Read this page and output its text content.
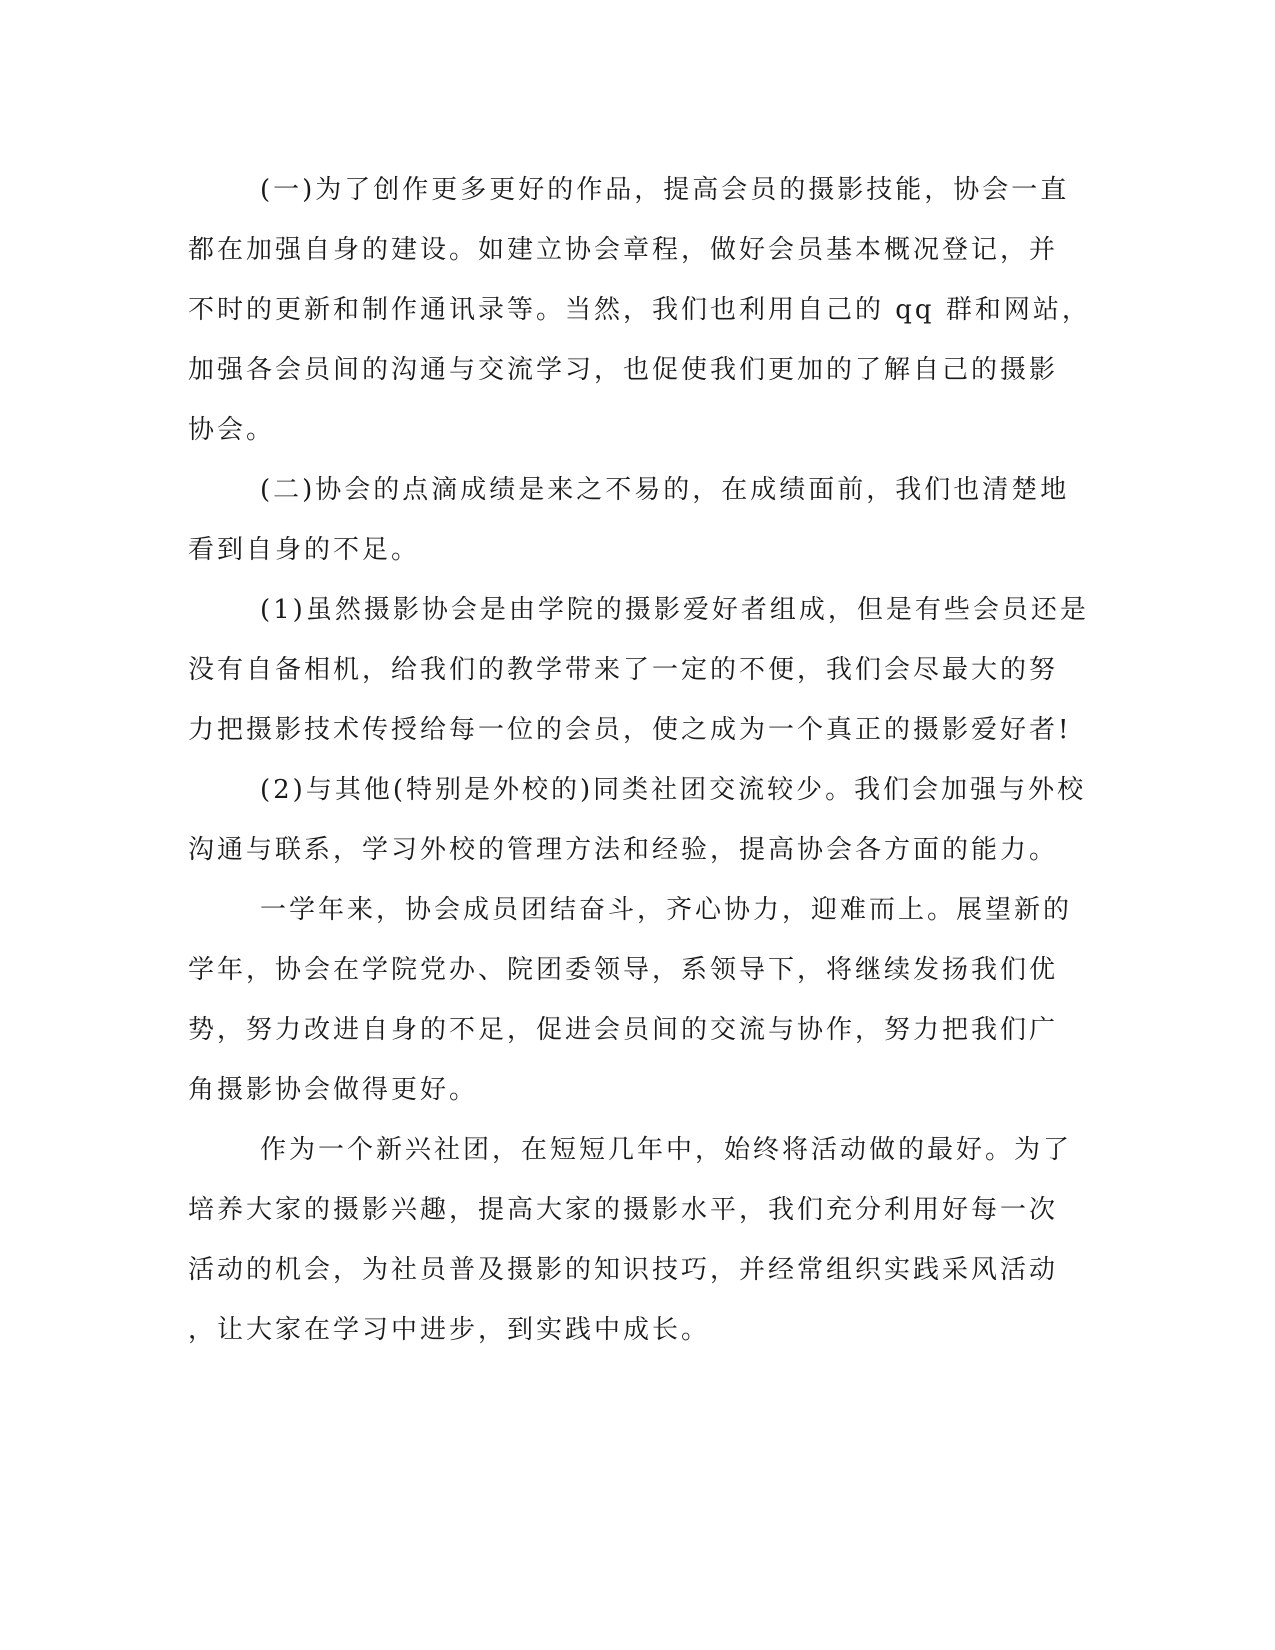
(一)为了创作更多更好的作品，提高会员的摄影技能，协会一直
都在加强自身的建设。如建立协会章程，做好会员基本概况登记，并
不时的更新和制作通讯录等。当然，我们也利用自己的 qq 群和网站，
加强各会员间的沟通与交流学习，也促使我们更加的了解自己的摄影
协会。
(二)协会的点滴成绩是来之不易的，在成绩面前，我们也清楚地
看到自身的不足。
(1)虽然摄影协会是由学院的摄影爱好者组成，但是有些会员还是
没有自备相机，给我们的教学带来了一定的不便，我们会尽最大的努
力把摄影技术传授给每一位的会员，使之成为一个真正的摄影爱好者!
(2)与其他(特别是外校的)同类社团交流较少。我们会加强与外校
沟通与联系，学习外校的管理方法和经验，提高协会各方面的能力。
一学年来，协会成员团结奋斗，齐心协力，迎难而上。展望新的
学年，协会在学院党办、院团委领导，系领导下，将继续发扬我们优
势，努力改进自身的不足，促进会员间的交流与协作，努力把我们广
角摄影协会做得更好。
作为一个新兴社团，在短短几年中，始终将活动做的最好。为了
培养大家的摄影兴趣，提高大家的摄影水平，我们充分利用好每一次
活动的机会，为社员普及摄影的知识技巧，并经常组织实践采风活动
，让大家在学习中进步，到实践中成长。
